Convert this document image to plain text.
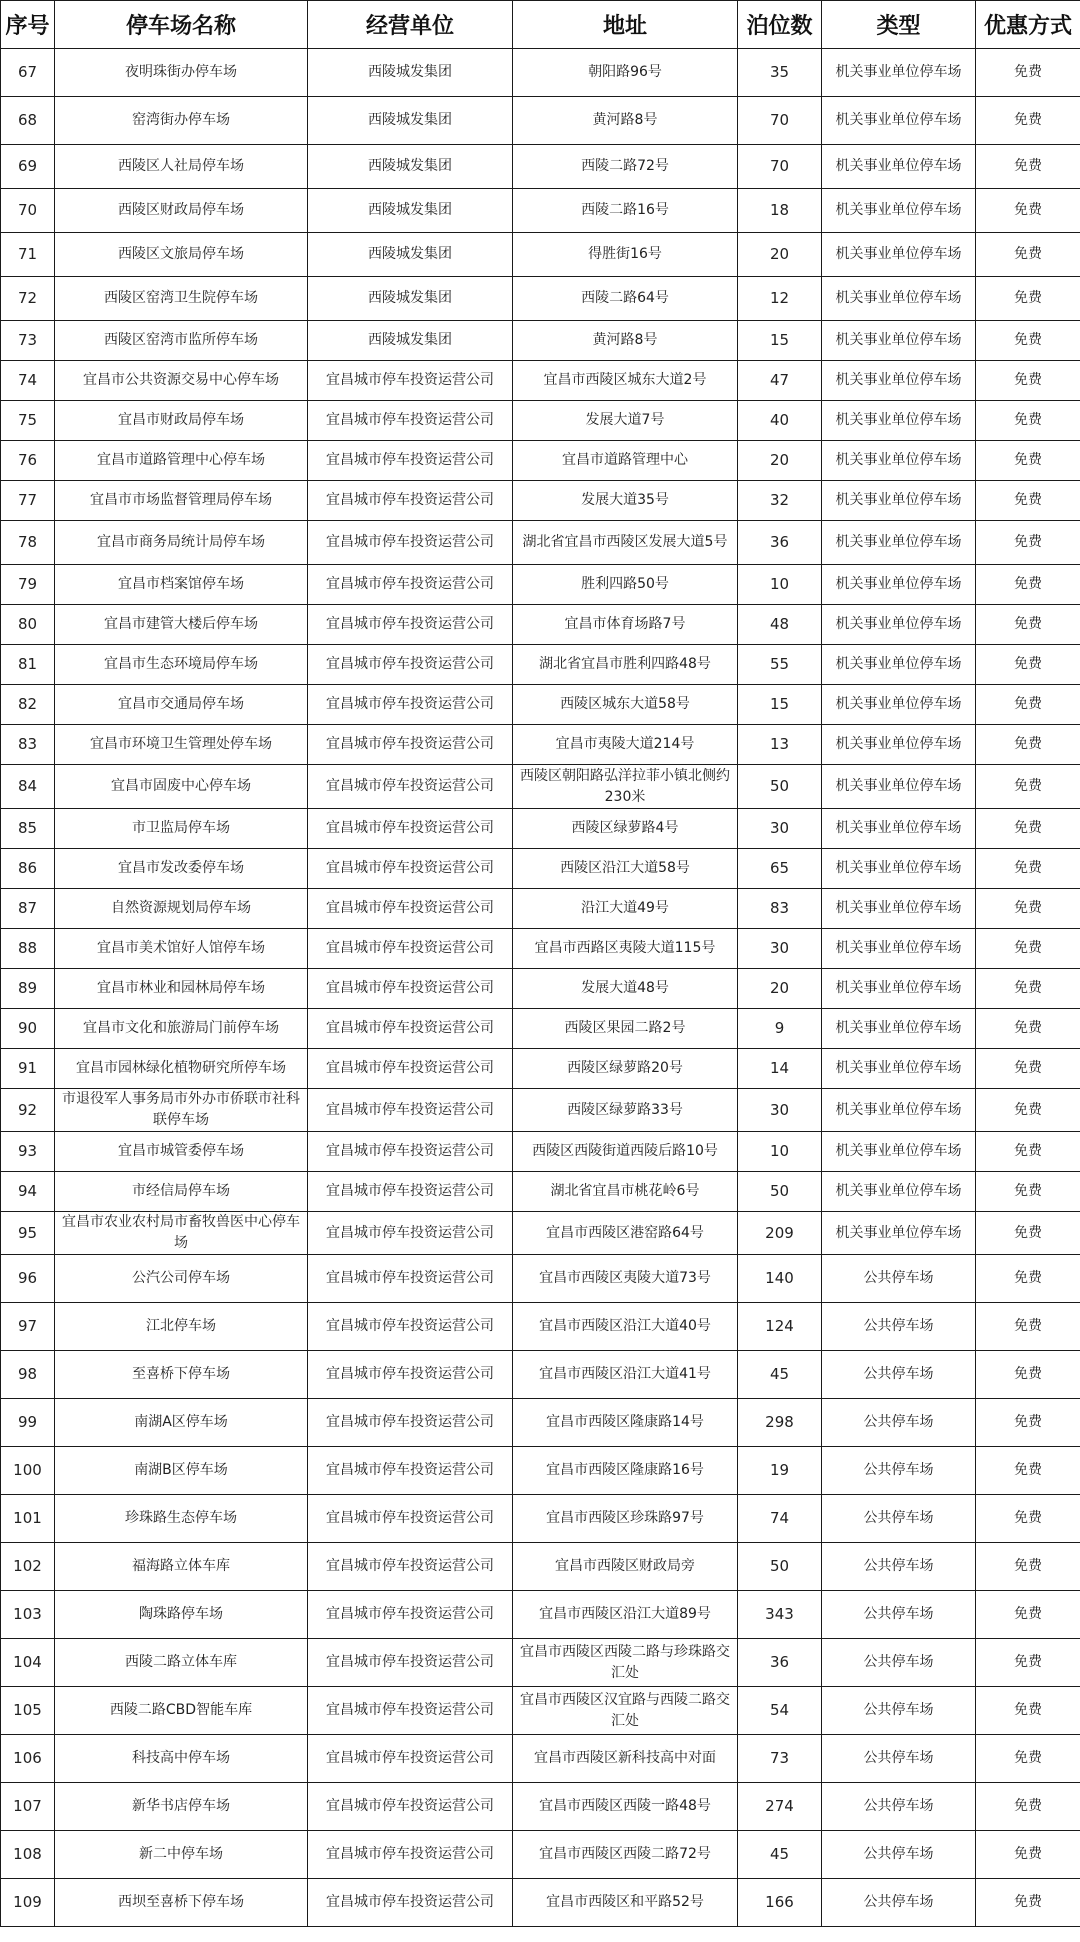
序号	停车场名称	经营单位	地址	泊位数	类型	优惠方式
67	夜明珠街办停车场	西陵城发集团	朝阳路96号	35	机关事业单位停车场	免费
68	窑湾街办停车场	西陵城发集团	黄河路8号	70	机关事业单位停车场	免费
69	西陵区人社局停车场	西陵城发集团	西陵二路72号	70	机关事业单位停车场	免费
70	西陵区财政局停车场	西陵城发集团	西陵二路16号	18	机关事业单位停车场	免费
71	西陵区文旅局停车场	西陵城发集团	得胜街16号	20	机关事业单位停车场	免费
72	西陵区窑湾卫生院停车场	西陵城发集团	西陵二路64号	12	机关事业单位停车场	免费
73	西陵区窑湾市监所停车场	西陵城发集团	黄河路8号	15	机关事业单位停车场	免费
74	宜昌市公共资源交易中心停车场	宜昌城市停车投资运营公司	宜昌市西陵区城东大道2号	47	机关事业单位停车场	免费
75	宜昌市财政局停车场	宜昌城市停车投资运营公司	发展大道7号	40	机关事业单位停车场	免费
76	宜昌市道路管理中心停车场	宜昌城市停车投资运营公司	宜昌市道路管理中心	20	机关事业单位停车场	免费
77	宜昌市市场监督管理局停车场	宜昌城市停车投资运营公司	发展大道35号	32	机关事业单位停车场	免费
78	宜昌市商务局统计局停车场	宜昌城市停车投资运营公司	湖北省宜昌市西陵区发展大道5号	36	机关事业单位停车场	免费
79	宜昌市档案馆停车场	宜昌城市停车投资运营公司	胜利四路50号	10	机关事业单位停车场	免费
80	宜昌市建管大楼后停车场	宜昌城市停车投资运营公司	宜昌市体育场路7号	48	机关事业单位停车场	免费
81	宜昌市生态环境局停车场	宜昌城市停车投资运营公司	湖北省宜昌市胜利四路48号	55	机关事业单位停车场	免费
82	宜昌市交通局停车场	宜昌城市停车投资运营公司	西陵区城东大道58号	15	机关事业单位停车场	免费
83	宜昌市环境卫生管理处停车场	宜昌城市停车投资运营公司	宜昌市夷陵大道214号	13	机关事业单位停车场	免费
84	宜昌市固废中心停车场	宜昌城市停车投资运营公司	西陵区朝阳路弘洋拉菲小镇北侧约230米	50	机关事业单位停车场	免费
85	市卫监局停车场	宜昌城市停车投资运营公司	西陵区绿萝路4号	30	机关事业单位停车场	免费
86	宜昌市发改委停车场	宜昌城市停车投资运营公司	西陵区沿江大道58号	65	机关事业单位停车场	免费
87	自然资源规划局停车场	宜昌城市停车投资运营公司	沿江大道49号	83	机关事业单位停车场	免费
88	宜昌市美术馆好人馆停车场	宜昌城市停车投资运营公司	宜昌市西路区夷陵大道115号	30	机关事业单位停车场	免费
89	宜昌市林业和园林局停车场	宜昌城市停车投资运营公司	发展大道48号	20	机关事业单位停车场	免费
90	宜昌市文化和旅游局门前停车场	宜昌城市停车投资运营公司	西陵区果园二路2号	9	机关事业单位停车场	免费
91	宜昌市园林绿化植物研究所停车场	宜昌城市停车投资运营公司	西陵区绿萝路20号	14	机关事业单位停车场	免费
92	市退役军人事务局市外办市侨联市社科联停车场	宜昌城市停车投资运营公司	西陵区绿萝路33号	30	机关事业单位停车场	免费
93	宜昌市城管委停车场	宜昌城市停车投资运营公司	西陵区西陵街道西陵后路10号	10	机关事业单位停车场	免费
94	市经信局停车场	宜昌城市停车投资运营公司	湖北省宜昌市桃花岭6号	50	机关事业单位停车场	免费
95	宜昌市农业农村局市畜牧兽医中心停车场	宜昌城市停车投资运营公司	宜昌市西陵区港窑路64号	209	机关事业单位停车场	免费
96	公汽公司停车场	宜昌城市停车投资运营公司	宜昌市西陵区夷陵大道73号	140	公共停车场	免费
97	江北停车场	宜昌城市停车投资运营公司	宜昌市西陵区沿江大道40号	124	公共停车场	免费
98	至喜桥下停车场	宜昌城市停车投资运营公司	宜昌市西陵区沿江大道41号	45	公共停车场	免费
99	南湖A区停车场	宜昌城市停车投资运营公司	宜昌市西陵区隆康路14号	298	公共停车场	免费
100	南湖B区停车场	宜昌城市停车投资运营公司	宜昌市西陵区隆康路16号	19	公共停车场	免费
101	珍珠路生态停车场	宜昌城市停车投资运营公司	宜昌市西陵区珍珠路97号	74	公共停车场	免费
102	福海路立体车库	宜昌城市停车投资运营公司	宜昌市西陵区财政局旁	50	公共停车场	免费
103	陶珠路停车场	宜昌城市停车投资运营公司	宜昌市西陵区沿江大道89号	343	公共停车场	免费
104	西陵二路立体车库	宜昌城市停车投资运营公司	宜昌市西陵区西陵二路与珍珠路交汇处	36	公共停车场	免费
105	西陵二路CBD智能车库	宜昌城市停车投资运营公司	宜昌市西陵区汉宜路与西陵二路交汇处	54	公共停车场	免费
106	科技高中停车场	宜昌城市停车投资运营公司	宜昌市西陵区新科技高中对面	73	公共停车场	免费
107	新华书店停车场	宜昌城市停车投资运营公司	宜昌市西陵区西陵一路48号	274	公共停车场	免费
108	新二中停车场	宜昌城市停车投资运营公司	宜昌市西陵区西陵二路72号	45	公共停车场	免费
109	西坝至喜桥下停车场	宜昌城市停车投资运营公司	宜昌市西陵区和平路52号	166	公共停车场	免费
